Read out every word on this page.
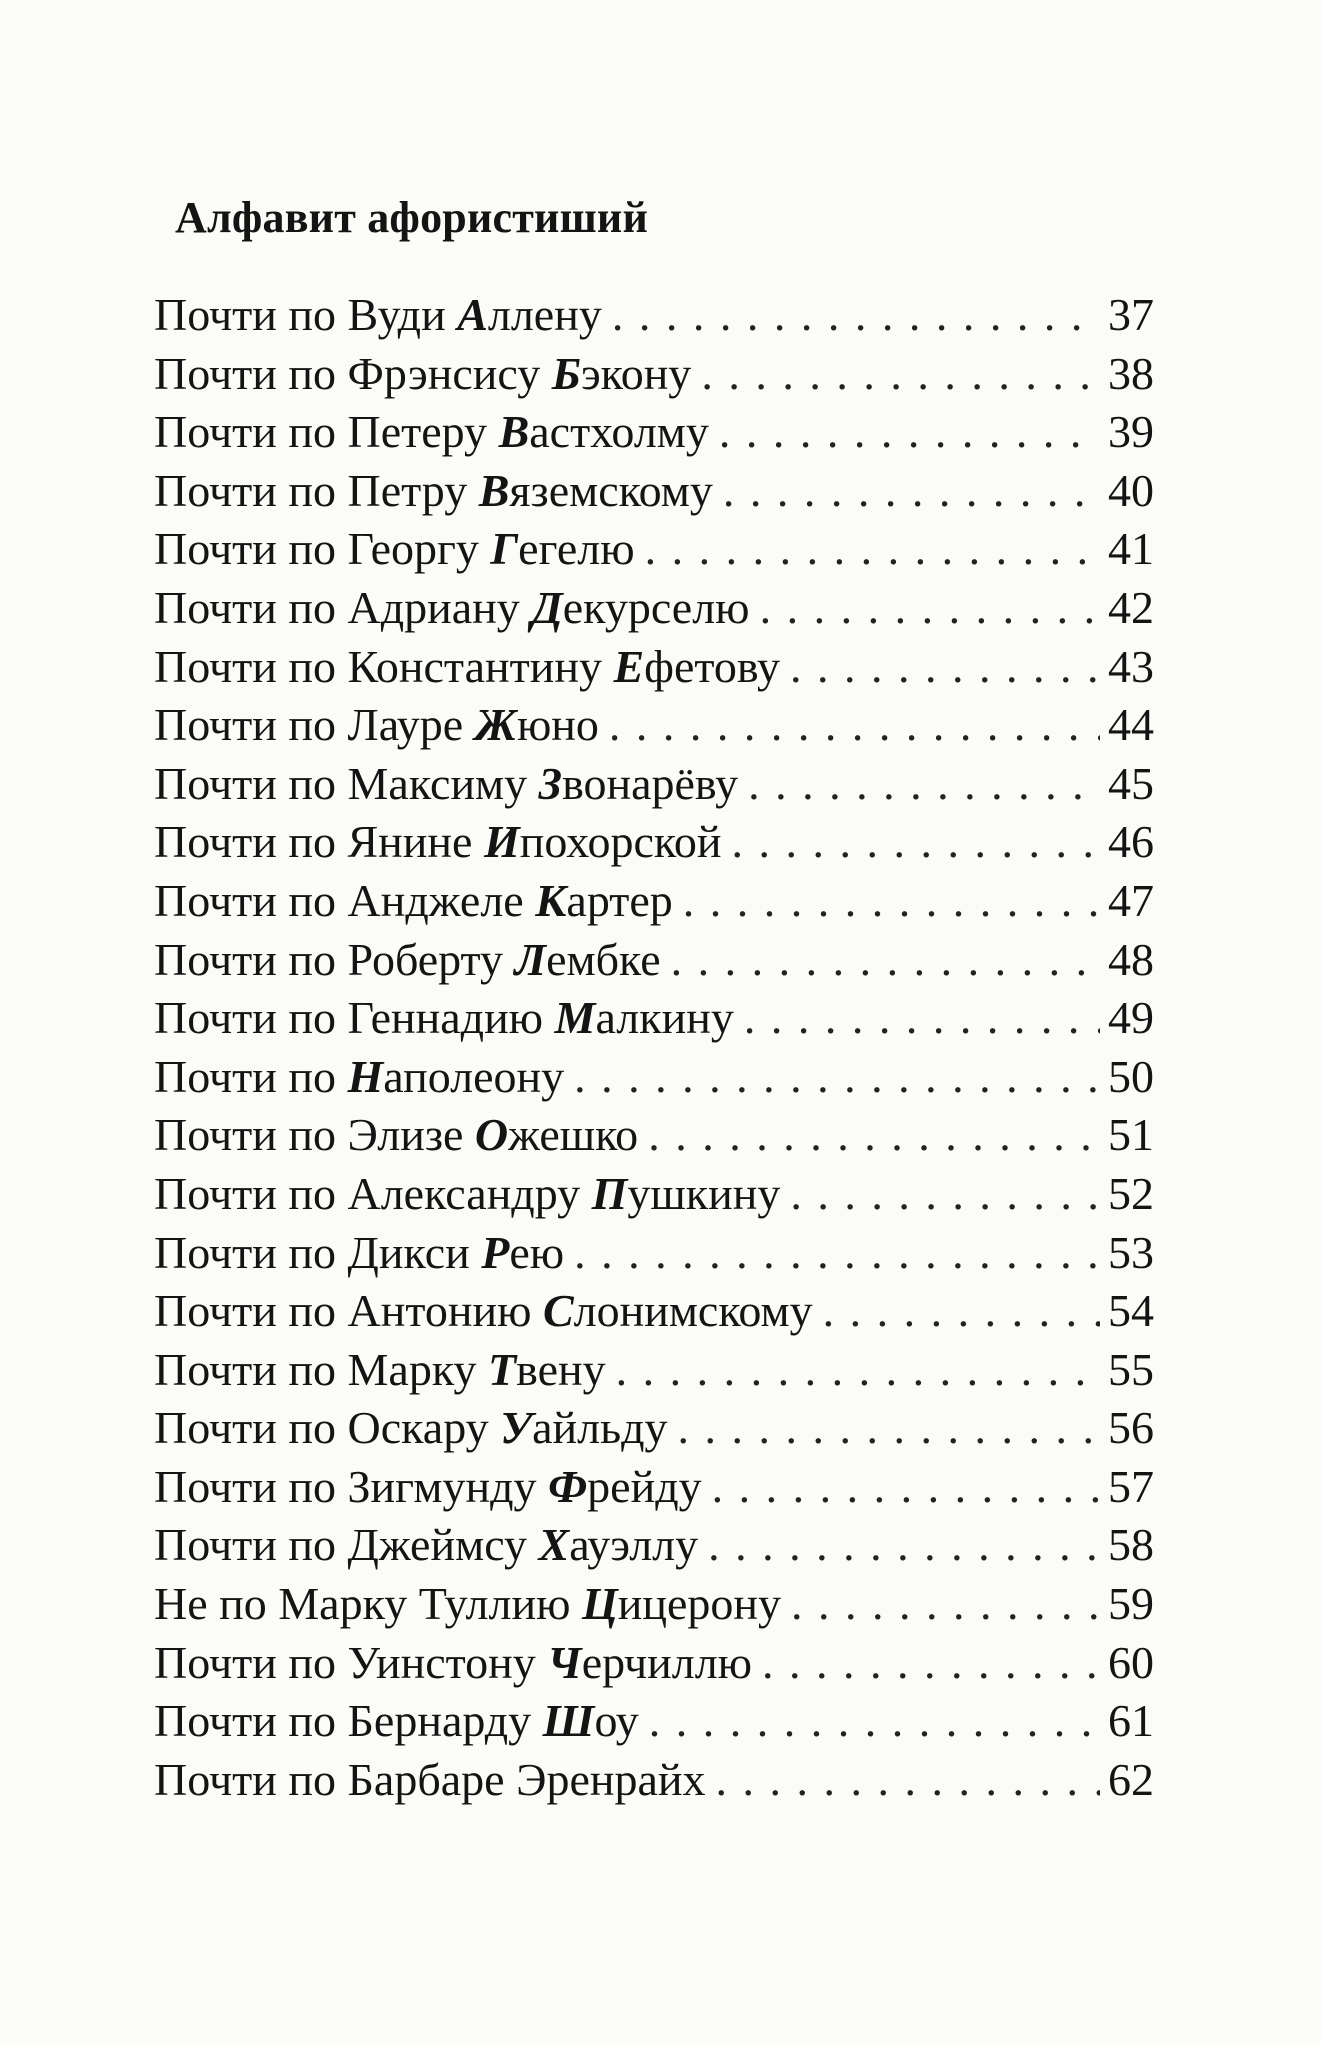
Алфавит афористиший
Почти по Вуди Аллену . . .	37
Почти по Фрэнсису Бэкону . . .	38
Почти по Петеру Вастхолму . . .	39
Почти по Петру Вяземскому . . .	40
Почти по Георгу Гегелю . . .	41
Почти по Адриану Декурселю . . .	42
Почти по Константину Ефетову . . .	43
Почти по Лауре Жюно . . .	44
Почти по Максиму Звонарёву . . .	45
Почти по Янине Ипохорской . . .	46
Почти по Анджеле Картер . . .	47
Почти по Роберту Лембке . . .	48
Почти по Геннадию Малкину . . .	49
Почти по Наполеону . . .	50
Почти по Элизе Ожешко . . .	51
Почти по Александру Пушкину . . .	52
Почти по Дикси Рею . . .	53
Почти по Антонию Слонимскому . . .	54
Почти по Марку Твену . . .	55
Почти по Оскару Уайльду . . .	56
Почти по Зигмунду Фрейду . . .	57
Почти по Джеймсу Хауэллу . . .	58
Не по Марку Туллию Цицерону . . .	59
Почти по Уинстону Черчиллю . . .	60
Почти по Бернарду Шоу . . .	61
Почти по Барбаре Эренрайх . . .	62
